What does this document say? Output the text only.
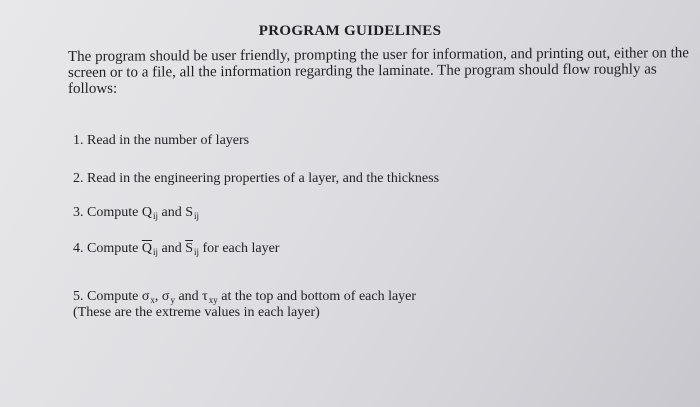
PROGRAM GUIDELINES
The program should be user friendly, prompting the user for information, and printing out, either on the screen or to a file, all the information regarding the laminate. The program should flow roughly as follows:
1. Read in the number of layers
2. Read in the engineering properties of a layer, and the thickness
3. Compute $Q_{ij}$ and $S_{ij}$
4. Compute $\overline{Q}_{ij}$ and $\overline{S}_{ij}$ for each layer
5. Compute $\sigma_x$, $\sigma_y$ and $\tau_{xy}$ at the top and bottom of each layer
(These are the extreme values in each layer)
